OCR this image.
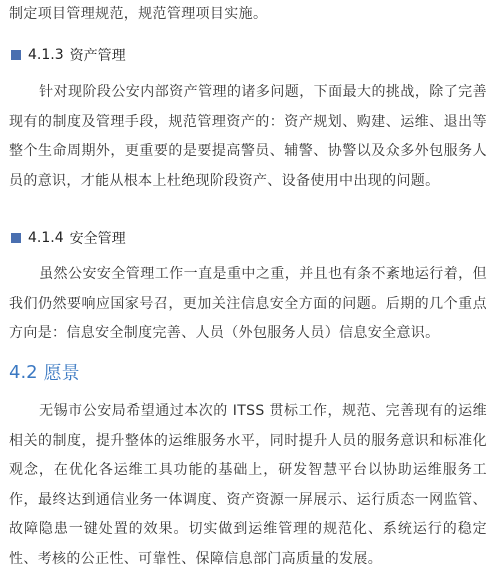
制定项目管理规范，规范管理项目实施。

4.1.3 资产管理

针对现阶段公安内部资产管理的诸多问题，下面最大的挑战，除了完善现有的制度及管理手段，规范管理资产的：资产规划、购建、运维、退出等整个生命周期外，更重要的是要提高警员、辅警、协警以及众多外包服务人员的意识，才能从根本上杜绝现阶段资产、设备使用中出现的问题。

4.1.4 安全管理

虽然公安安全管理工作一直是重中之重，并且也有条不紊地运行着，但我们仍然要响应国家号召，更加关注信息安全方面的问题。后期的几个重点方向是：信息安全制度完善、人员（外包服务人员）信息安全意识。

4.2 愿景

无锡市公安局希望通过本次的 ITSS 贯标工作，规范、完善现有的运维相关的制度，提升整体的运维服务水平，同时提升人员的服务意识和标准化观念，在优化各运维工具功能的基础上，研发智慧平台以协助运维服务工作，最终达到通信业务一体调度、资产资源一屏展示、运行质态一网监管、故障隐患一键处置的效果。切实做到运维管理的规范化、系统运行的稳定性、考核的公正性、可靠性、保障信息部门高质量的发展。
